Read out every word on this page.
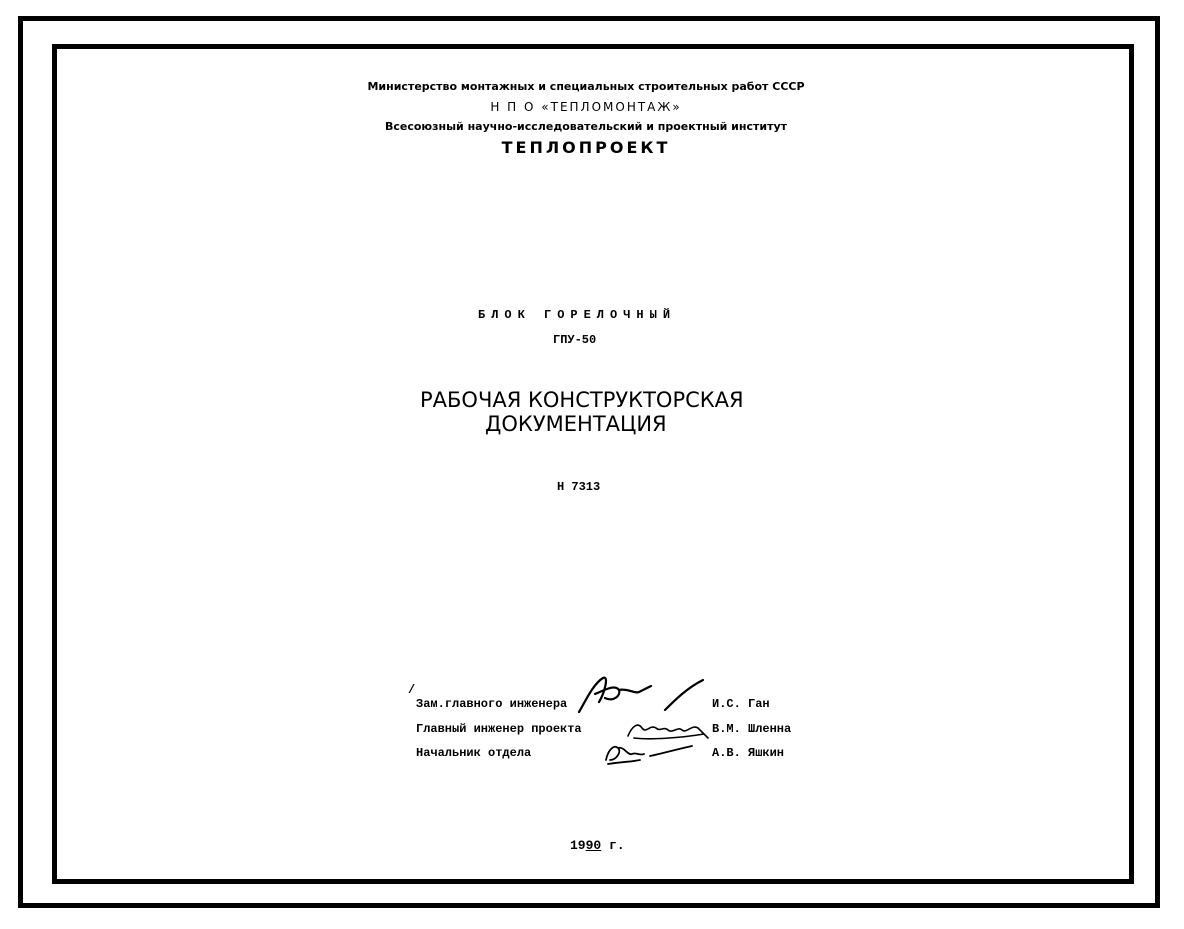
Министерство монтажных и специальных строительных работ СССР
Н П О «ТЕПЛОМОНТАЖ»
Всесоюзный научно-исследовательский и проектный институт
ТЕПЛОПРОЕКТ
БЛОК ГОРЕЛОЧНЫЙ
ГПУ-50
РАБОЧАЯ КОНСТРУКТОРСКАЯ
ДОКУМЕНТАЦИЯ
Н 7313
/
Зам.главного инженера
Главный инженер проекта
Начальник отдела
И.С. Ган
В.М. Шленна
А.В. Яшкин
1990 г.
